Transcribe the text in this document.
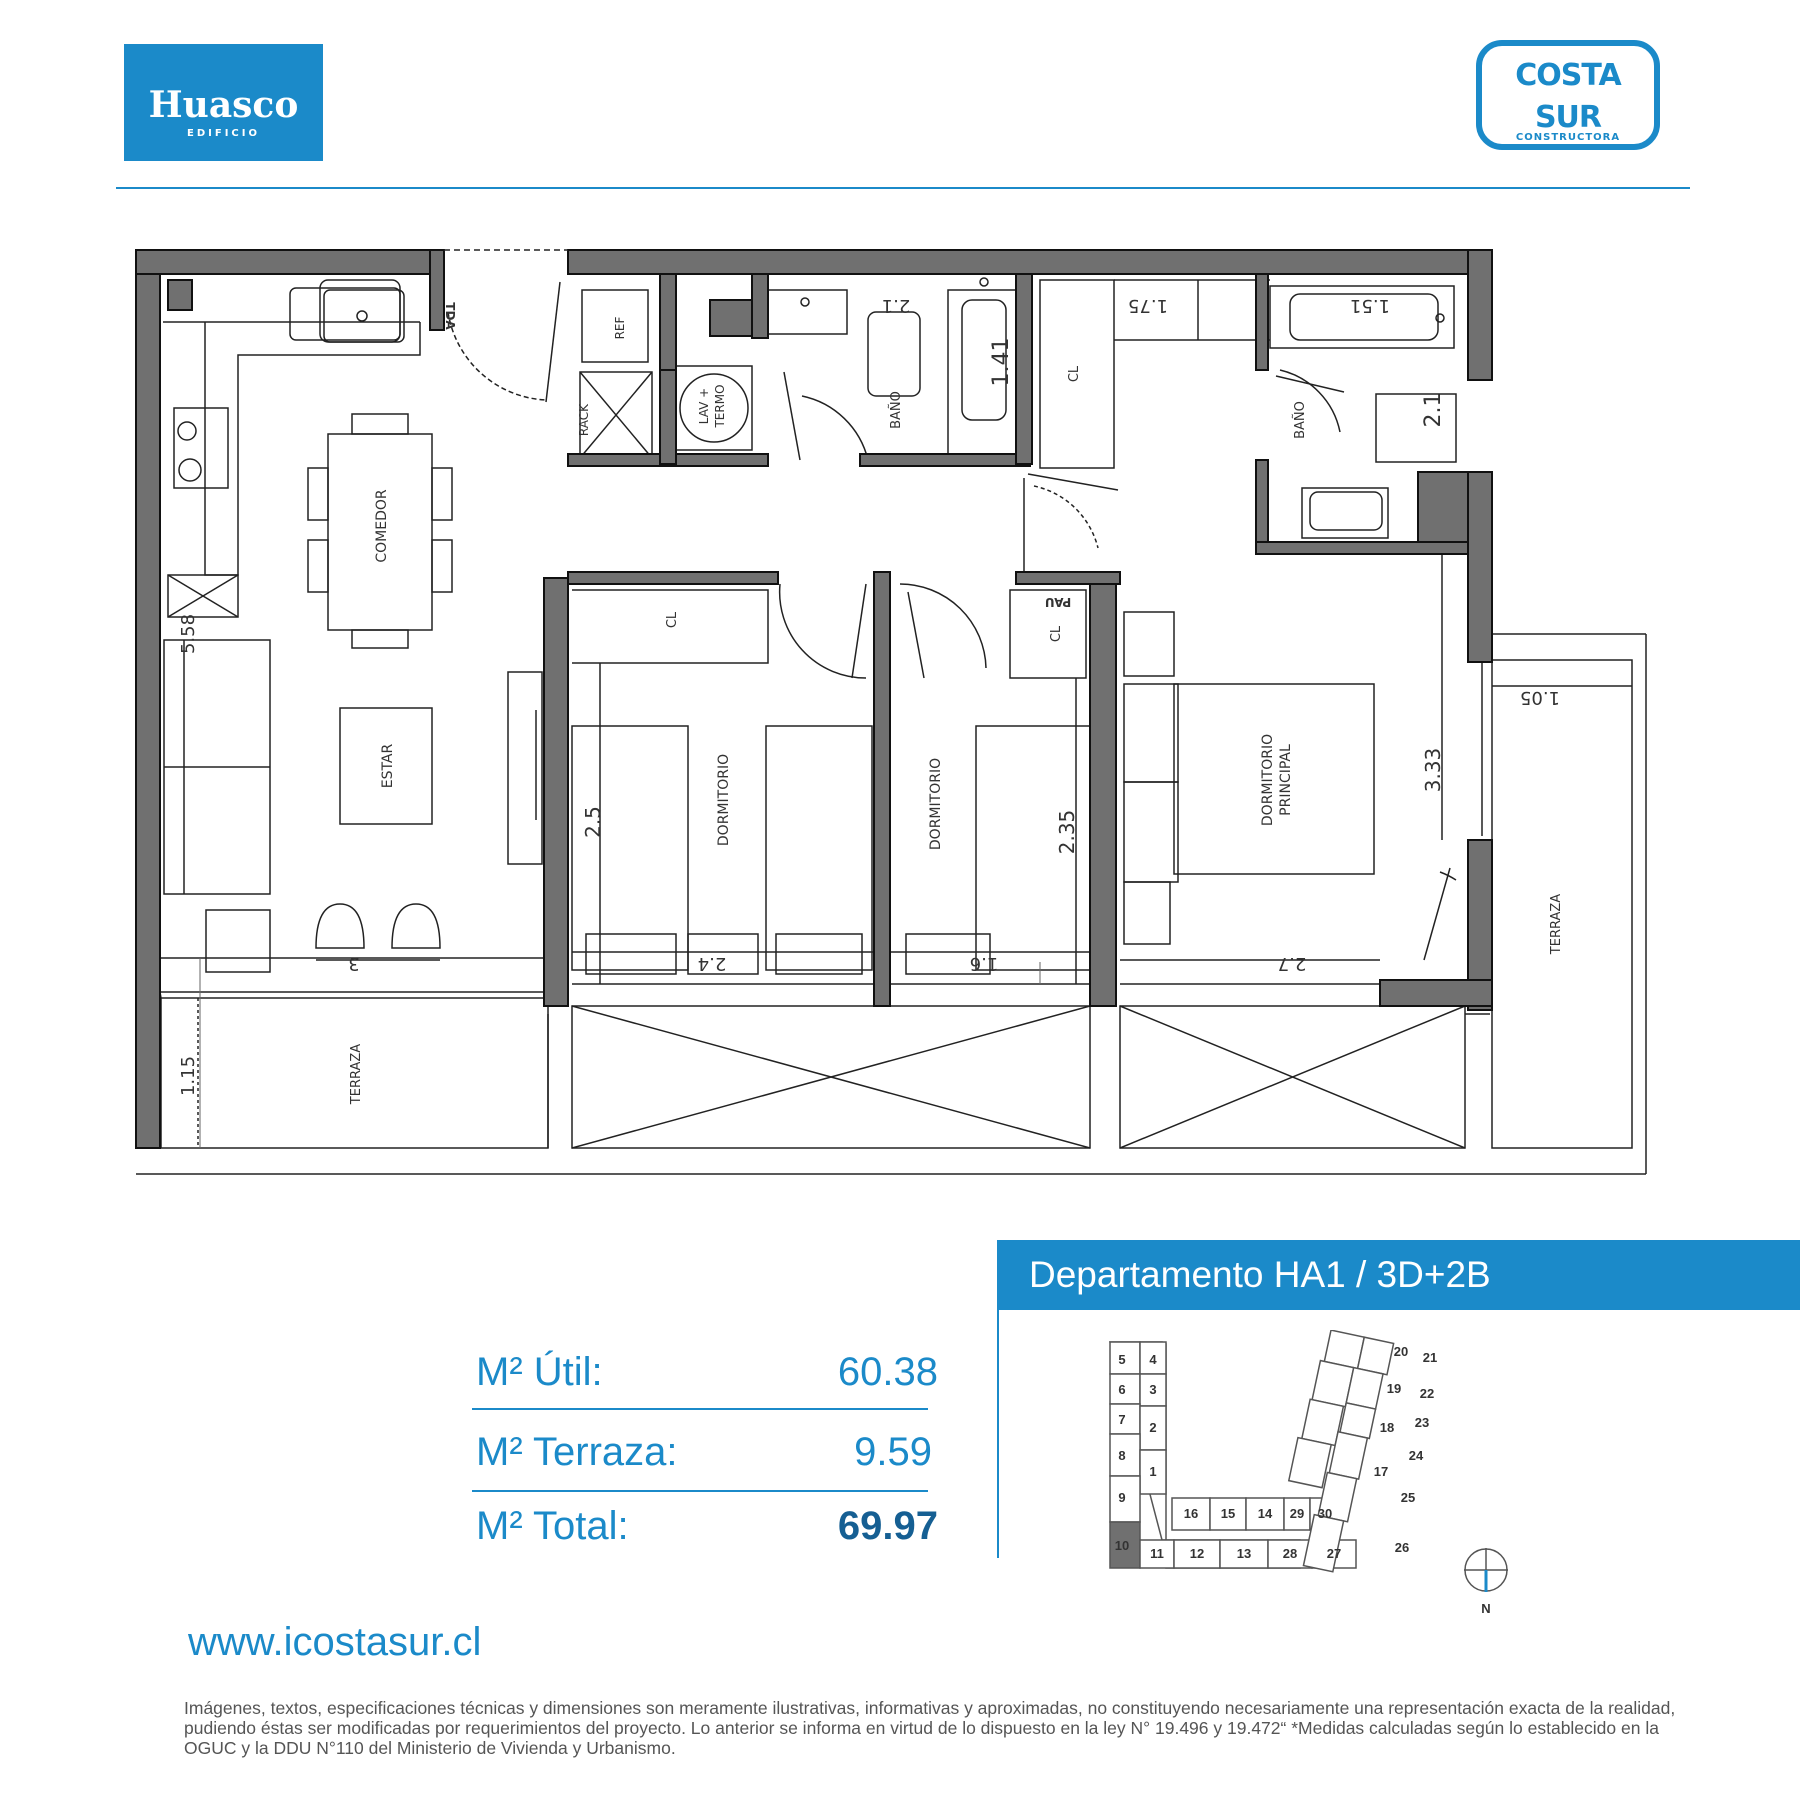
Huasco
EDIFICIO
COSTA
SUR
CONSTRUCTORA
COMEDOR
ESTAR
TERRAZA
TERRAZA
DORMITORIO	DORMITORIO	DORMITORIO PRINCIPAL
BAÑO	BAÑO
CL
CL
CL
REF
RACK	LAV + TERMO
TDA
PAU
5.58
1.15
2.5
2.4
2.35
1.6	2.7
3.33
1.05
2.1
1.41
1.75	1.51
2.1
3
Departamento HA1 / 3D+2B
M² Útil:	60.38
M² Terraza:	9.59
M² Total:	69.97
5 4
6 3
7
2
8
1
9
10
11 12	13 28 27
16 15 14 29 30
20 21
19 22
23
18
24
17
25
26
N
www.icostasur.cl
Imágenes, textos, especificaciones técnicas y dimensiones son meramente ilustrativas, informativas y aproximadas, no constituyendo necesariamente una representación exacta de la realidad, pudiendo éstas ser modificadas por requerimientos del proyecto. Lo anterior se informa en virtud de lo dispuesto en la ley N° 19.496 y 19.472“ *Medidas calculadas según lo establecido en la OGUC y la DDU N°110 del Ministerio de Vivienda y Urbanismo.
